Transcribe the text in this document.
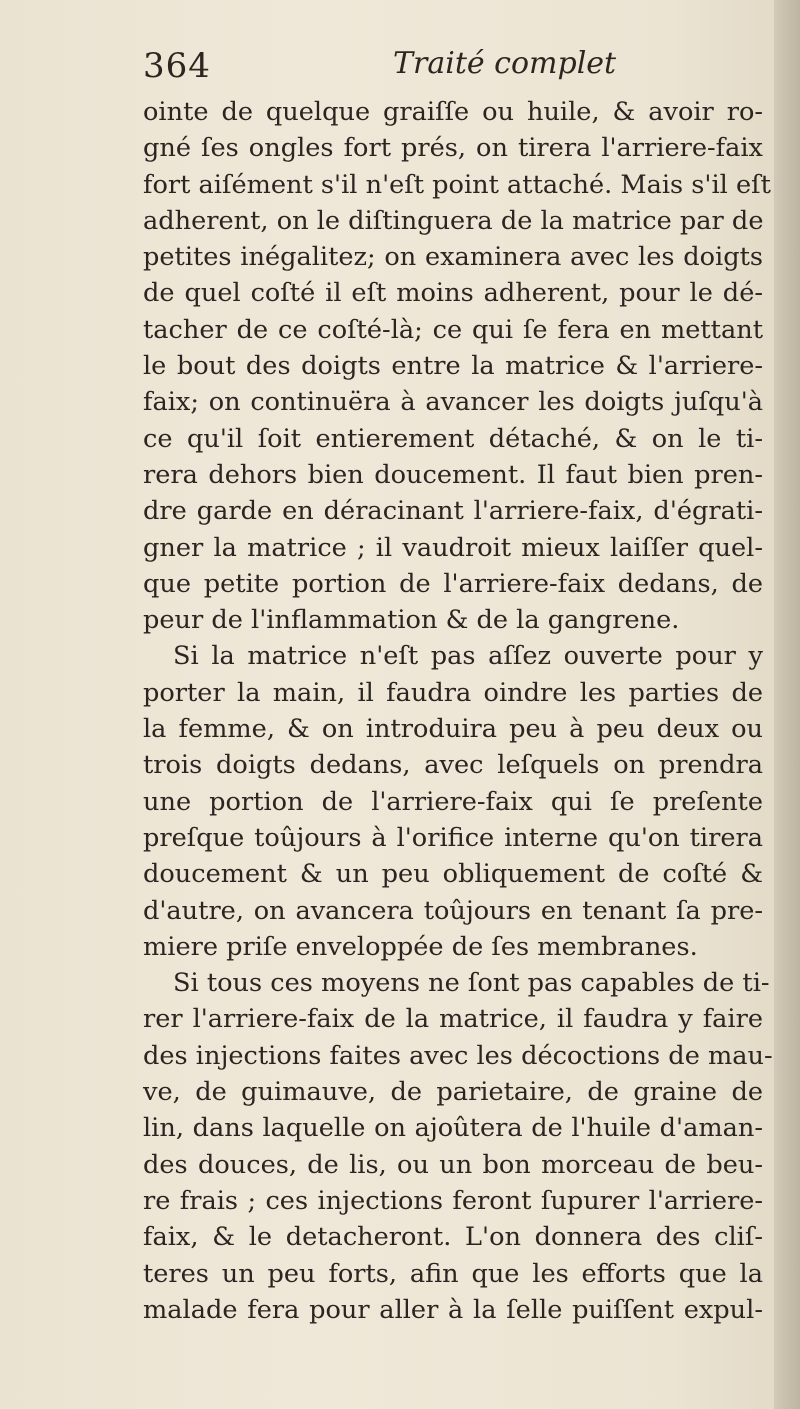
364	Traité complet
ointe de quelque graiſſe ou huile, & avoir ro-
gné ſes ongles fort prés, on tirera l'arriere-faix
fort aiſément s'il n'eſt point attaché. Mais s'il eſt
adherent, on le diſtinguera de la matrice par de
petites inégalitez; on examinera avec les doigts
de quel coſté il eſt moins adherent, pour le dé-
tacher de ce coſté-là; ce qui ſe fera en mettant
le bout des doigts entre la matrice & l'arriere-
faix; on continuëra à avancer les doigts juſqu'à
ce qu'il ſoit entierement détaché, & on le ti-
rera dehors bien doucement. Il faut bien pren-
dre garde en déracinant l'arriere-faix, d'égrati-
gner la matrice ; il vaudroit mieux laiſſer quel-
que petite portion de l'arriere-faix dedans, de
peur de l'inflammation & de la gangrene.
Si la matrice n'eſt pas aſſez ouverte pour y
porter la main, il faudra oindre les parties de
la femme, & on introduira peu à peu deux ou
trois doigts dedans, avec leſquels on prendra
une portion de l'arriere-faix qui ſe preſente
preſque toûjours à l'orifice interne qu'on tirera
doucement & un peu obliquement de coſté &
d'autre, on avancera toûjours en tenant ſa pre-
miere priſe enveloppée de ſes membranes.
Si tous ces moyens ne ſont pas capables de ti-
rer l'arriere-faix de la matrice, il faudra y faire
des injections faites avec les décoctions de mau-
ve, de guimauve, de parietaire, de graine de
lin, dans laquelle on ajoûtera de l'huile d'aman-
des douces, de lis, ou un bon morceau de beu-
re frais ; ces injections feront ſupurer l'arriere-
faix, & le detacheront. L'on donnera des cliſ-
teres un peu forts, afin que les efforts que la
malade fera pour aller à la ſelle puiſſent expul-
